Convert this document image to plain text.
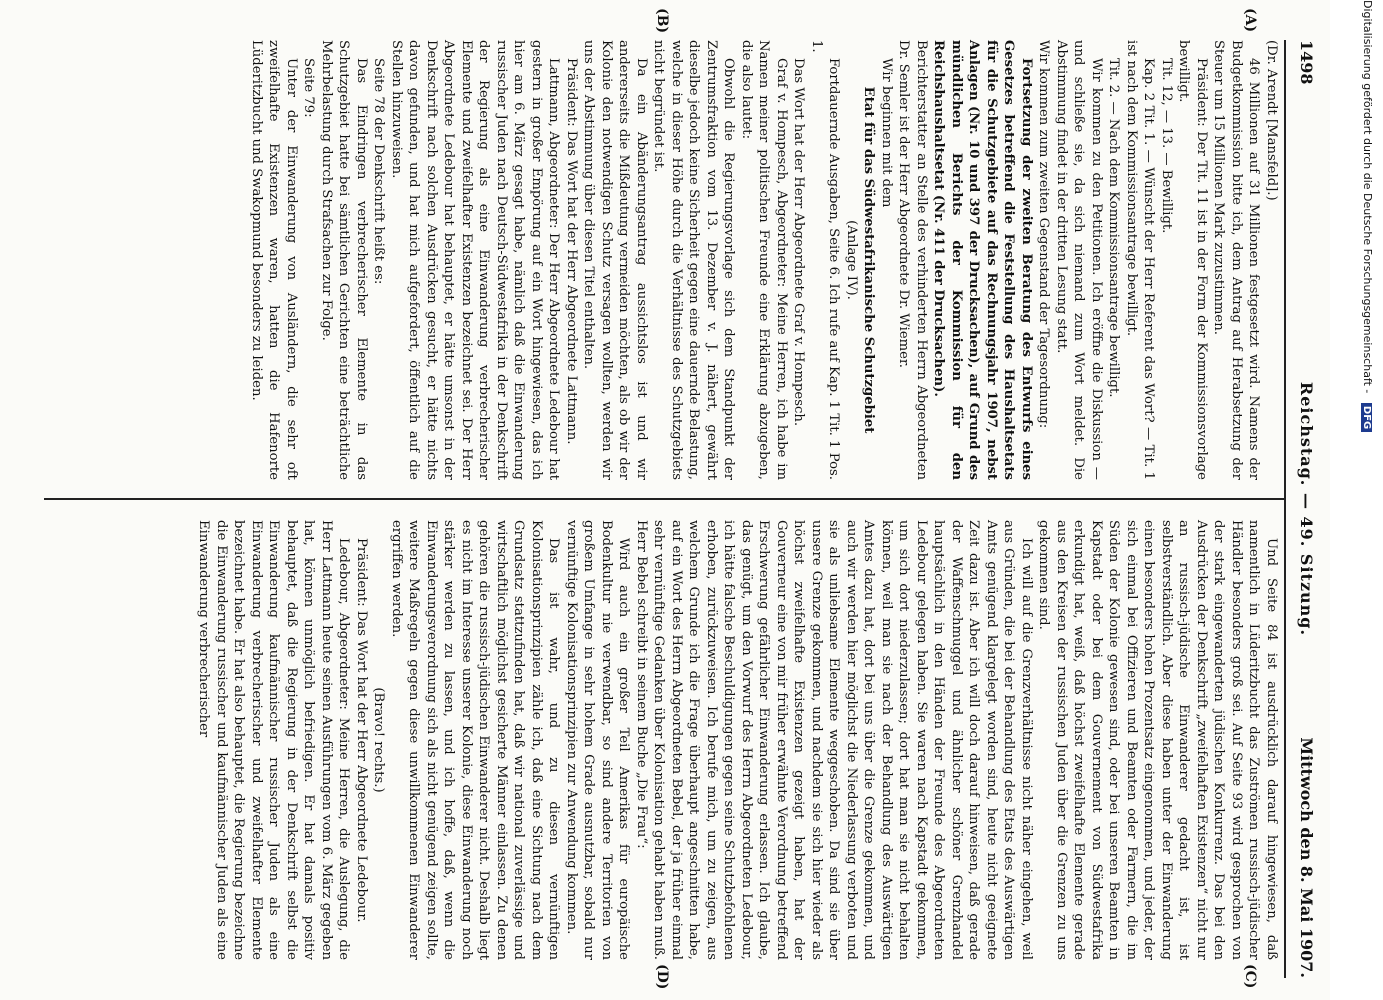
1498
Reichstag. — 49. Sitzung.
Mittwoch den 8. Mai 1907.
(A)
(B)
(C)
(D)

(Dr. Arendt [Mansfeld].)

46 Millionen auf 31 Millionen festgesetzt wird. Namens der Budgetkommission bitte ich, dem Antrag auf Herabsetzung der Steuer um 15 Millionen Mark zuzustimmen.

Präsident: Der Tit. 11 ist in der Form der Kommissionsvorlage bewilligt.

Tit. 12, — 13. — Bewilligt.

Kap. 2 Tit. 1. — Wünscht der Herr Referent das Wort? — Tit. 1 ist nach dem Kommissionsantrage bewilligt.

Tit. 2. — Nach dem Kommissionsantrage bewilligt.

Wir kommen zu den Petitionen. Ich eröffne die Diskussion — und schließe sie, da sich niemand zum Wort meldet. Die Abstimmung findet in der dritten Lesung statt.

Wir kommen zum zweiten Gegenstand der Tagesordnung:

Fortsetzung der zweiten Beratung des Entwurfs eines Gesetzes betreffend die Feststellung des Haushaltsetats für die Schutzgebiete auf das Rechnungsjahr 1907, nebst Anlagen (Nr. 10 und 397 der Drucksachen), auf Grund des mündlichen Berichts der Kommission für den Reichshaushaltsetat (Nr. 411 der Drucksachen).

Berichterstatter an Stelle des verhinderten Herrn Abgeordneten Dr. Semler ist der Herr Abgeordnete Dr. Wiemer.

Wir beginnen mit dem

Etat für das Südwestafrikanische Schutzgebiet

(Anlage IV).

Fortdauernde Ausgaben, Seite 6. Ich rufe auf Kap. 1 Tit. 1 Pos. 1.

Das Wort hat der Herr Abgeordnete Graf v. Hompesch.

Graf v. Hompesch, Abgeordneter: Meine Herren, ich habe im Namen meiner politischen Freunde eine Erklärung abzugeben, die also lautet:

Obwohl die Regierungsvorlage sich dem Standpunkt der Zentrumsfraktion vom 13. Dezember v. J. nähert, gewährt dieselbe jedoch keine Sicherheit gegen eine dauernde Belastung, welche in dieser Höhe durch die Verhältnisse des Schutzgebiets nicht begründet ist.

Da ein Abänderungsantrag aussichtslos ist und wir andererseits die Mißdeutung vermeiden möchten, als ob wir der Kolonie den notwendigen Schutz versagen wollten, werden wir uns der Abstimmung über diesen Titel enthalten.

Präsident: Das Wort hat der Herr Abgeordnete Lattmann.

Lattmann, Abgeordneter: Der Herr Abgeordnete Ledebour hat gestern in großer Empörung auf ein Wort hingewiesen, das ich hier am 6. März gesagt habe, nämlich daß die Einwanderung russischer Juden nach Deutsch-Südwestafrika in der Denkschrift der Regierung als eine Einwanderung verbrecherischer Elemente und zweifelhafter Existenzen bezeichnet sei. Der Herr Abgeordnete Ledebour hat behauptet, er hätte umsonst in der Denkschrift nach solchen Ausdrücken gesucht, er hätte nichts davon gefunden, und hat mich aufgefordert, öffentlich auf die Stellen hinzuweisen.

Seite 78 der Denkschrift heißt es:

Das Eindringen verbrecherischer Elemente in das Schutzgebiet hatte bei sämtlichen Gerichten eine beträchtliche Mehrbelastung durch Strafsachen zur Folge.

Seite 79:

Unter der Einwanderung von Ausländern, die sehr oft zweifelhafte Existenzen waren, hatten die Hafenorte Lüderitzbucht und Swakopmund besonders zu leiden.

Und Seite 84 ist ausdrücklich darauf hingewiesen, daß namentlich in Lüderitzbucht das Zuströmen russisch-jüdischer Händler besonders groß sei. Auf Seite 93 wird gesprochen von der stark eingewanderten jüdischen Konkurrenz. Das bei den Ausdrücken der Denkschrift „zweifelhaften Existenzen“ nicht nur an russisch-jüdische Einwanderer gedacht ist, ist selbstverständlich. Aber diese haben unter der Einwanderung einen besonders hohen Prozentsatz eingenommen, und jeder, der sich einmal bei Offizieren und Beamten oder Farmern, die im Süden der Kolonie gewesen sind, oder bei unseren Beamten in Kapstadt oder bei dem Gouvernement von Südwestafrika erkundigt hat, weiß, daß höchst zweifelhafte Elemente gerade aus den Kreisen der russischen Juden über die Grenzen zu uns gekommen sind.

Ich will auf die Grenzverhältnisse nicht näher eingehen, weil aus Gründen, die bei der Behandlung des Etats des Auswärtigen Amts genügend klargelegt worden sind, heute nicht geeignete Zeit dazu ist. Aber ich will doch darauf hinweisen, daß gerade der Waffenschmuggel und ähnlicher schöner Grenzhandel hauptsächlich in den Händen der Freunde des Abgeordneten Ledebour gelegen haben. Sie waren nach Kapstadt gekommen, um sich dort niederzulassen; dort hat man sie nicht behalten können, weil man sie nach der Behandlung des Auswärtigen Amtes dazu hat, dort bei uns über die Grenze gekommen, und auch wir werden hier möglichst die Niederlassung verboten und sie als unliebsame Elemente weggeschoben. Da sind sie über unsere Grenze gekommen, und nachdem sie sich hier wieder als höchst zweifelhafte Existenzen gezeigt haben, hat der Gouverneur eine von mir früher erwähnte Verordnung betreffend Erschwerung gefährlicher Einwanderung erlassen. Ich glaube, das genügt, um den Vorwurf des Herrn Abgeordneten Ledebour, ich hätte falsche Beschuldigungen gegen seine Schutzbefohlenen erhoben, zurückzuweisen. Ich berufe mich, um zu zeigen, aus welchem Grunde ich die Frage überhaupt angeschnitten habe, auf ein Wort des Herrn Abgeordneten Bebel, der ja früher einmal sehr vernünftige Gedanken über Kolonisation gehabt haben muß. Herr Bebel schreibt in seinem Buche „Die Frau“:

Wird auch ein großer Teil Amerikas für europäische Bodenkultur nie verwendbar, so sind andere Territorien von großem Umfange in sehr hohem Grade ausnutzbar, sobald nur vernünftige Kolonisationsprinzipien zur Anwendung kommen.

Das ist wahr, und zu diesen vernünftigen Kolonisationsprinzipien zähle ich, daß eine Sichtung nach dem Grundsatz stattzufinden hat, daß wir national zuverlässige und wirtschaftlich möglichst gesicherte Männer einlassen. Zu denen gehören die russisch-jüdischen Einwanderer nicht. Deshalb liegt es nicht im Interesse unserer Kolonie, diese Einwanderung noch stärker werden zu lassen, und ich hoffe, daß, wenn die Einwanderungsverordnung sich als nicht genügend zeigen sollte, weitere Maßregeln gegen diese unwillkommenen Einwanderer ergriffen werden.

(Bravo! rechts.)

Präsident: Das Wort hat der Herr Abgeordnete Ledebour.

Ledebour, Abgeordneter: Meine Herren, die Auslegung, die Herr Lattmann heute seinen Ausführungen vom 6. März gegeben hat, können unmöglich befriedigen. Er hat damals positiv behauptet, daß die Regierung in der Denkschrift selbst die Einwanderung kaufmännischer russischer Juden als eine Einwanderung verbrecherischer und zweifelhafter Elemente bezeichnet habe. Er hat also behauptet, die Regierung bezeichne die Einwanderung russischer und kaufmännischer Juden als eine Einwanderung verbrecherischer

Digitalisierung gefördert durch die Deutsche Forschungsgemeinschaft - DFG
